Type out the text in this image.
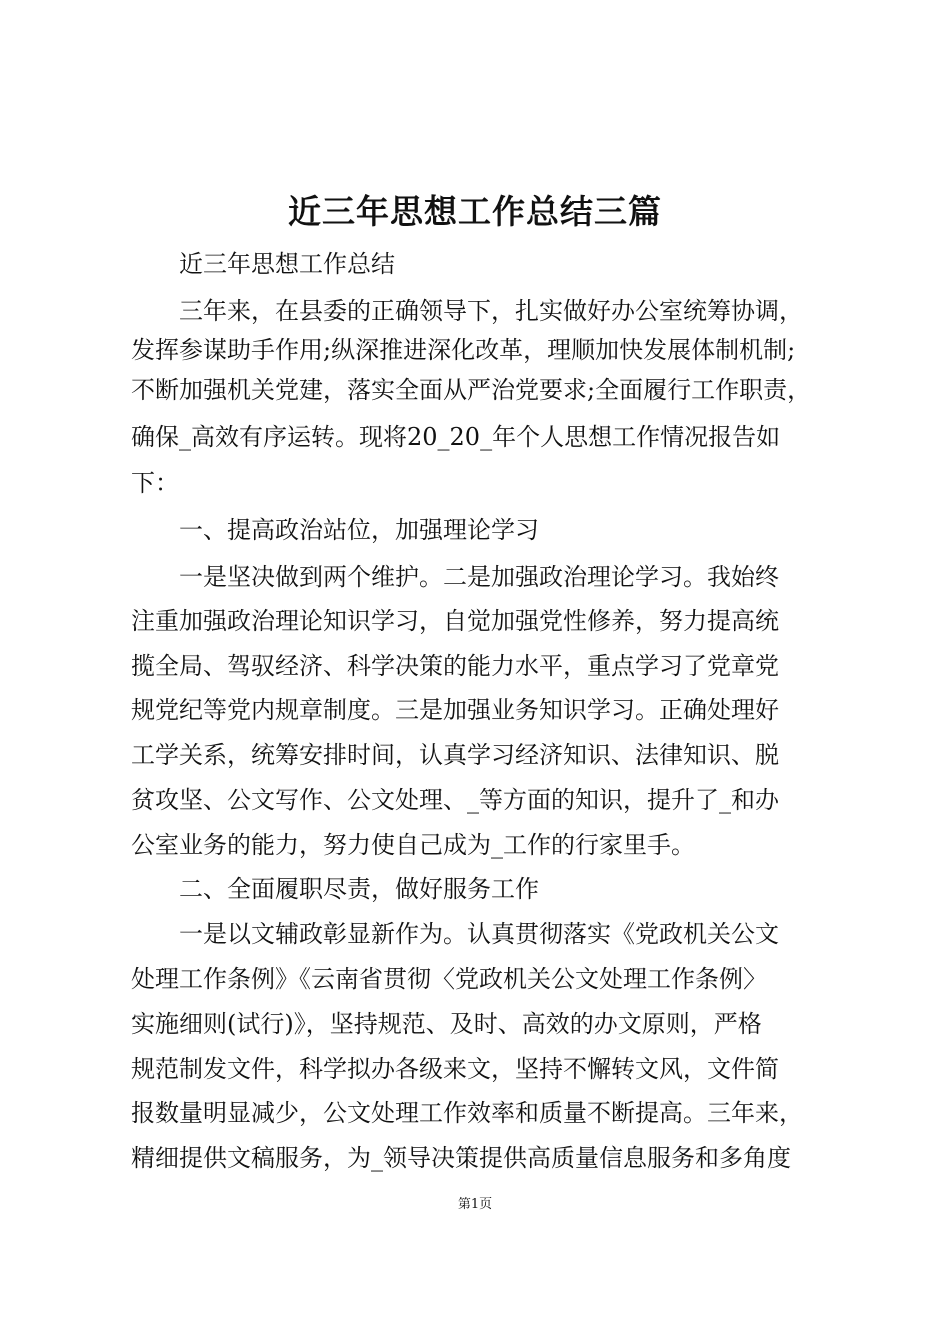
近三年思想工作总结三篇
　　近三年思想工作总结
　　三年来，在县委的正确领导下，扎实做好办公室统筹协调，
发挥参谋助手作用;纵深推进深化改革，理顺加快发展体制机制;
不断加强机关党建，落实全面从严治党要求;全面履行工作职责，
确保_高效有序运转。现将20_20_年个人思想工作情况报告如
下：
　　一、提高政治站位，加强理论学习
　　一是坚决做到两个维护。二是加强政治理论学习。我始终
注重加强政治理论知识学习，自觉加强党性修养，努力提高统
揽全局、驾驭经济、科学决策的能力水平，重点学习了党章党
规党纪等党内规章制度。三是加强业务知识学习。正确处理好
工学关系，统筹安排时间，认真学习经济知识、法律知识、脱
贫攻坚、公文写作、公文处理、_等方面的知识，提升了_和办
公室业务的能力，努力使自己成为_工作的行家里手。
　　二、全面履职尽责，做好服务工作
　　一是以文辅政彰显新作为。认真贯彻落实《党政机关公文
处理工作条例》《云南省贯彻〈党政机关公文处理工作条例〉
实施细则(试行)》，坚持规范、及时、高效的办文原则，严格
规范制发文件，科学拟办各级来文，坚持不懈转文风，文件简
报数量明显减少，公文处理工作效率和质量不断提高。三年来，
精细提供文稿服务，为_领导决策提供高质量信息服务和多角度
第1页
